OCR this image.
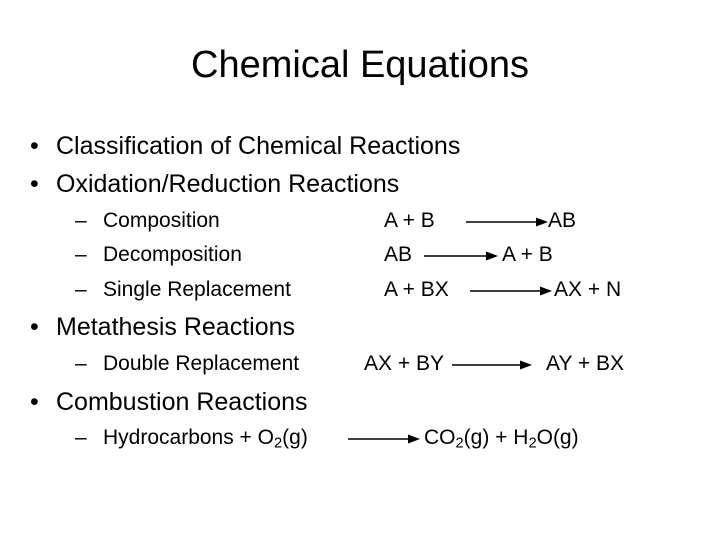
Chemical Equations
• Classification of Chemical Reactions
• Oxidation/Reduction Reactions
– Composition	A + B	AB
– Decomposition	AB	A + B
– Single Replacement	A + BX	AX + N
• Metathesis Reactions
– Double Replacement	AX + BY	AY + BX
• Combustion Reactions
– Hydrocarbons + $O_2(g)$	$CO_2(g) + H_2O(g)$
